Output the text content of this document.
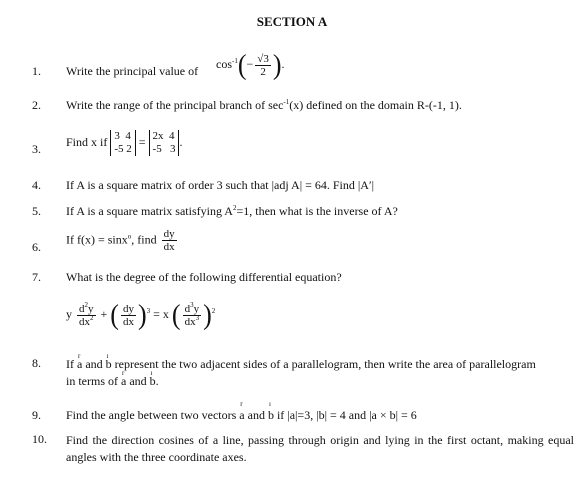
SECTION A
1.	Write the principal value of
$\cos^{-1}(- \frac{√3}{2}$ ).
2.	Write the range of the principal branch of $\sec^{-1}(x)$ defined on the domain R-(-1, 1).
3.
Find x if 3 4
-5 2
= 2x 4
-5 3
.
4.	If A is a square matrix of order 3 such that |adj A| = 64. Find |A′|
5.	If A is a square matrix satisfying $A^2=1$, then what is the inverse of A?
6.
If f(x) = sinx$^o$, find $\frac{dy}{dx}$
7.	What is the degree of the following differential equation?
y $\frac{d^2y}{dx^2}$ + ( $\frac{dy}{dx} )^3 = x$ ( $\frac{d^3y}{dx^3} )^2$
8.	If r a and ı b represent the two adjacent sides of a parallelogram, then write the area of parallelogram
in terms of r a and ı b.
9.	Find the angle between two vectors r a and ı b if |a|=3, |b| = 4 and |a × b| = 6
10.	Find the direction cosines of a line, passing through origin and lying in the first octant, making equal angles with the three coordinate axes.
